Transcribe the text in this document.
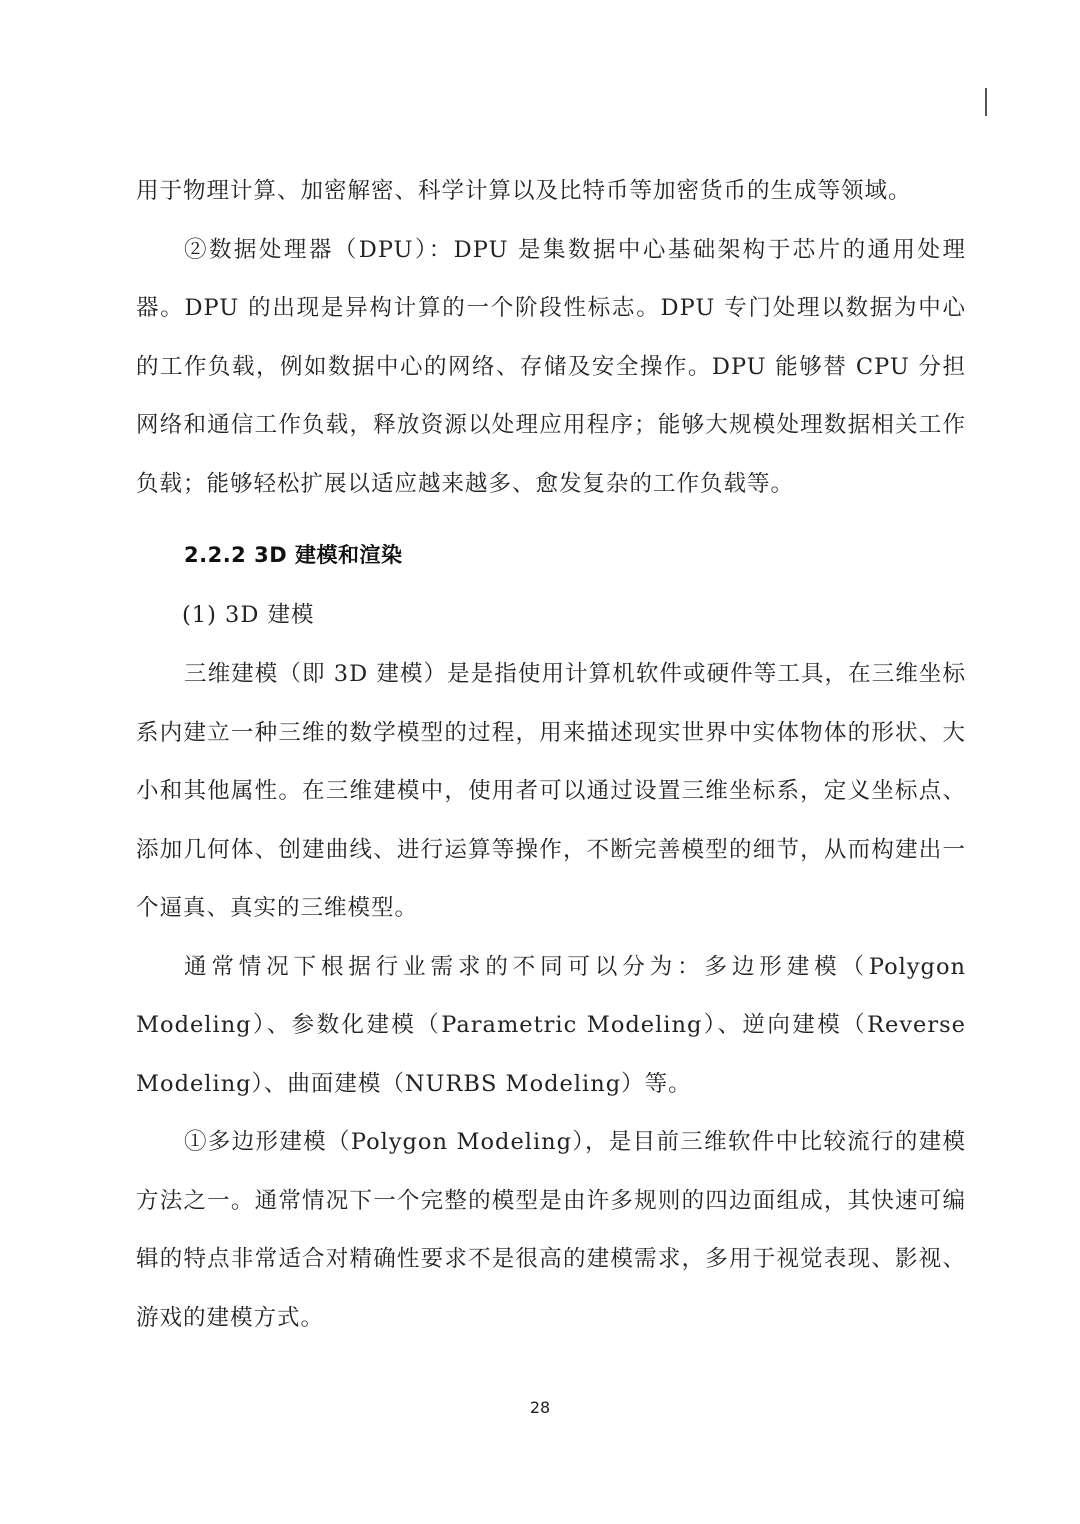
用于物理计算、加密解密、科学计算以及比特币等加密货币的生成等领域。

②数据处理器（DPU）：DPU 是集数据中心基础架构于芯片的通用处理器。DPU 的出现是异构计算的一个阶段性标志。DPU 专门处理以数据为中心的工作负载，例如数据中心的网络、存储及安全操作。DPU 能够替 CPU 分担网络和通信工作负载，释放资源以处理应用程序；能够大规模处理数据相关工作负载；能够轻松扩展以适应越来越多、愈发复杂的工作负载等。

2.2.2 3D 建模和渲染
(1) 3D 建模

三维建模（即 3D 建模）是是指使用计算机软件或硬件等工具，在三维坐标系内建立一种三维的数学模型的过程，用来描述现实世界中实体物体的形状、大小和其他属性。在三维建模中，使用者可以通过设置三维坐标系，定义坐标点、添加几何体、创建曲线、进行运算等操作，不断完善模型的细节，从而构建出一个逼真、真实的三维模型。

通常情况下根据行业需求的不同可以分为：多边形建模（Polygon Modeling）、参数化建模（Parametric Modeling）、逆向建模（Reverse Modeling）、曲面建模（NURBS Modeling）等。

①多边形建模（Polygon Modeling），是目前三维软件中比较流行的建模方法之一。通常情况下一个完整的模型是由许多规则的四边面组成，其快速可编辑的特点非常适合对精确性要求不是很高的建模需求，多用于视觉表现、影视、游戏的建模方式。

28
